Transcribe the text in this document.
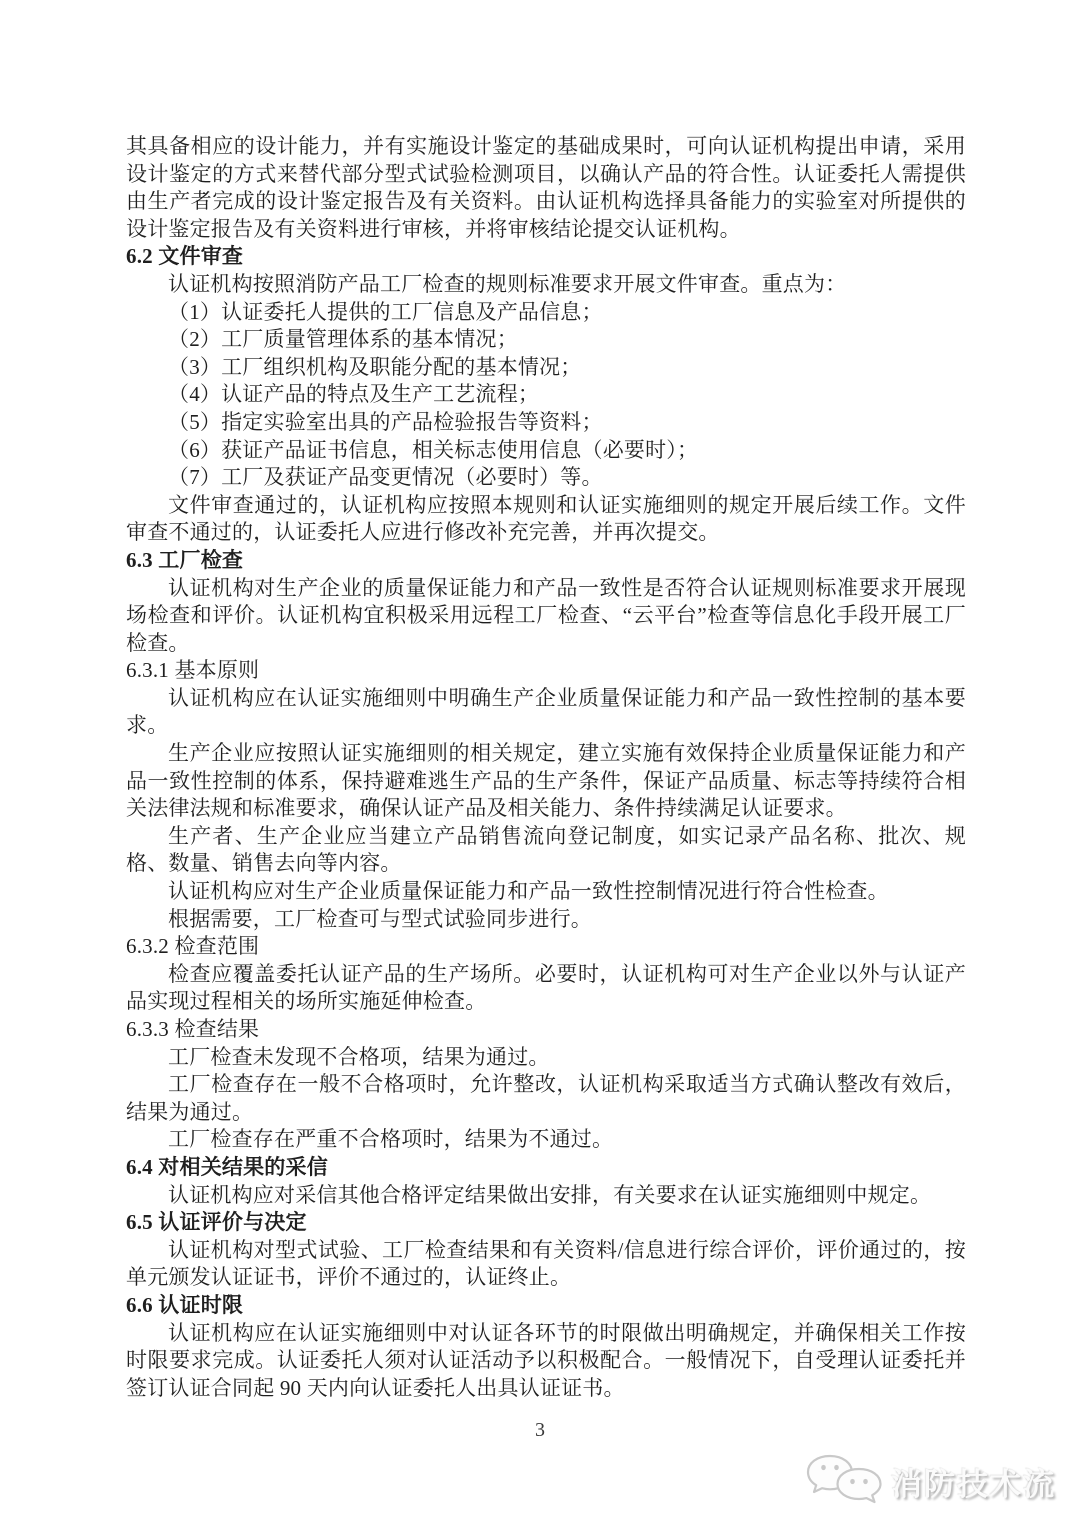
其具备相应的设计能力，并有实施设计鉴定的基础成果时，可向认证机构提出申请，采用设计鉴定的方式来替代部分型式试验检测项目，以确认产品的符合性。认证委托人需提供由生产者完成的设计鉴定报告及有关资料。由认证机构选择具备能力的实验室对所提供的设计鉴定报告及有关资料进行审核，并将审核结论提交认证机构。

6.2 文件审查

认证机构按照消防产品工厂检查的规则标准要求开展文件审查。重点为：

（1）认证委托人提供的工厂信息及产品信息；

（2）工厂质量管理体系的基本情况；

（3）工厂组织机构及职能分配的基本情况；

（4）认证产品的特点及生产工艺流程；

（5）指定实验室出具的产品检验报告等资料；

（6）获证产品证书信息，相关标志使用信息（必要时）；

（7）工厂及获证产品变更情况（必要时）等。

文件审查通过的，认证机构应按照本规则和认证实施细则的规定开展后续工作。文件审查不通过的，认证委托人应进行修改补充完善，并再次提交。

6.3 工厂检查

认证机构对生产企业的质量保证能力和产品一致性是否符合认证规则标准要求开展现场检查和评价。认证机构宜积极采用远程工厂检查、“云平台”检查等信息化手段开展工厂检查。

6.3.1 基本原则

认证机构应在认证实施细则中明确生产企业质量保证能力和产品一致性控制的基本要求。

生产企业应按照认证实施细则的相关规定，建立实施有效保持企业质量保证能力和产品一致性控制的体系，保持避难逃生产品的生产条件，保证产品质量、标志等持续符合相关法律法规和标准要求，确保认证产品及相关能力、条件持续满足认证要求。

生产者、生产企业应当建立产品销售流向登记制度，如实记录产品名称、批次、规格、数量、销售去向等内容。

认证机构应对生产企业质量保证能力和产品一致性控制情况进行符合性检查。

根据需要，工厂检查可与型式试验同步进行。

6.3.2 检查范围

检查应覆盖委托认证产品的生产场所。必要时，认证机构可对生产企业以外与认证产品实现过程相关的场所实施延伸检查。

6.3.3 检查结果

工厂检查未发现不合格项，结果为通过。

工厂检查存在一般不合格项时，允许整改，认证机构采取适当方式确认整改有效后，结果为通过。

工厂检查存在严重不合格项时，结果为不通过。

6.4 对相关结果的采信

认证机构应对采信其他合格评定结果做出安排，有关要求在认证实施细则中规定。

6.5 认证评价与决定

认证机构对型式试验、工厂检查结果和有关资料/信息进行综合评价，评价通过的，按单元颁发认证证书，评价不通过的，认证终止。

6.6 认证时限

认证机构应在认证实施细则中对认证各环节的时限做出明确规定，并确保相关工作按时限要求完成。认证委托人须对认证活动予以积极配合。一般情况下，自受理认证委托并签订认证合同起 90 天内向认证委托人出具认证证书。

3
消防技术流
